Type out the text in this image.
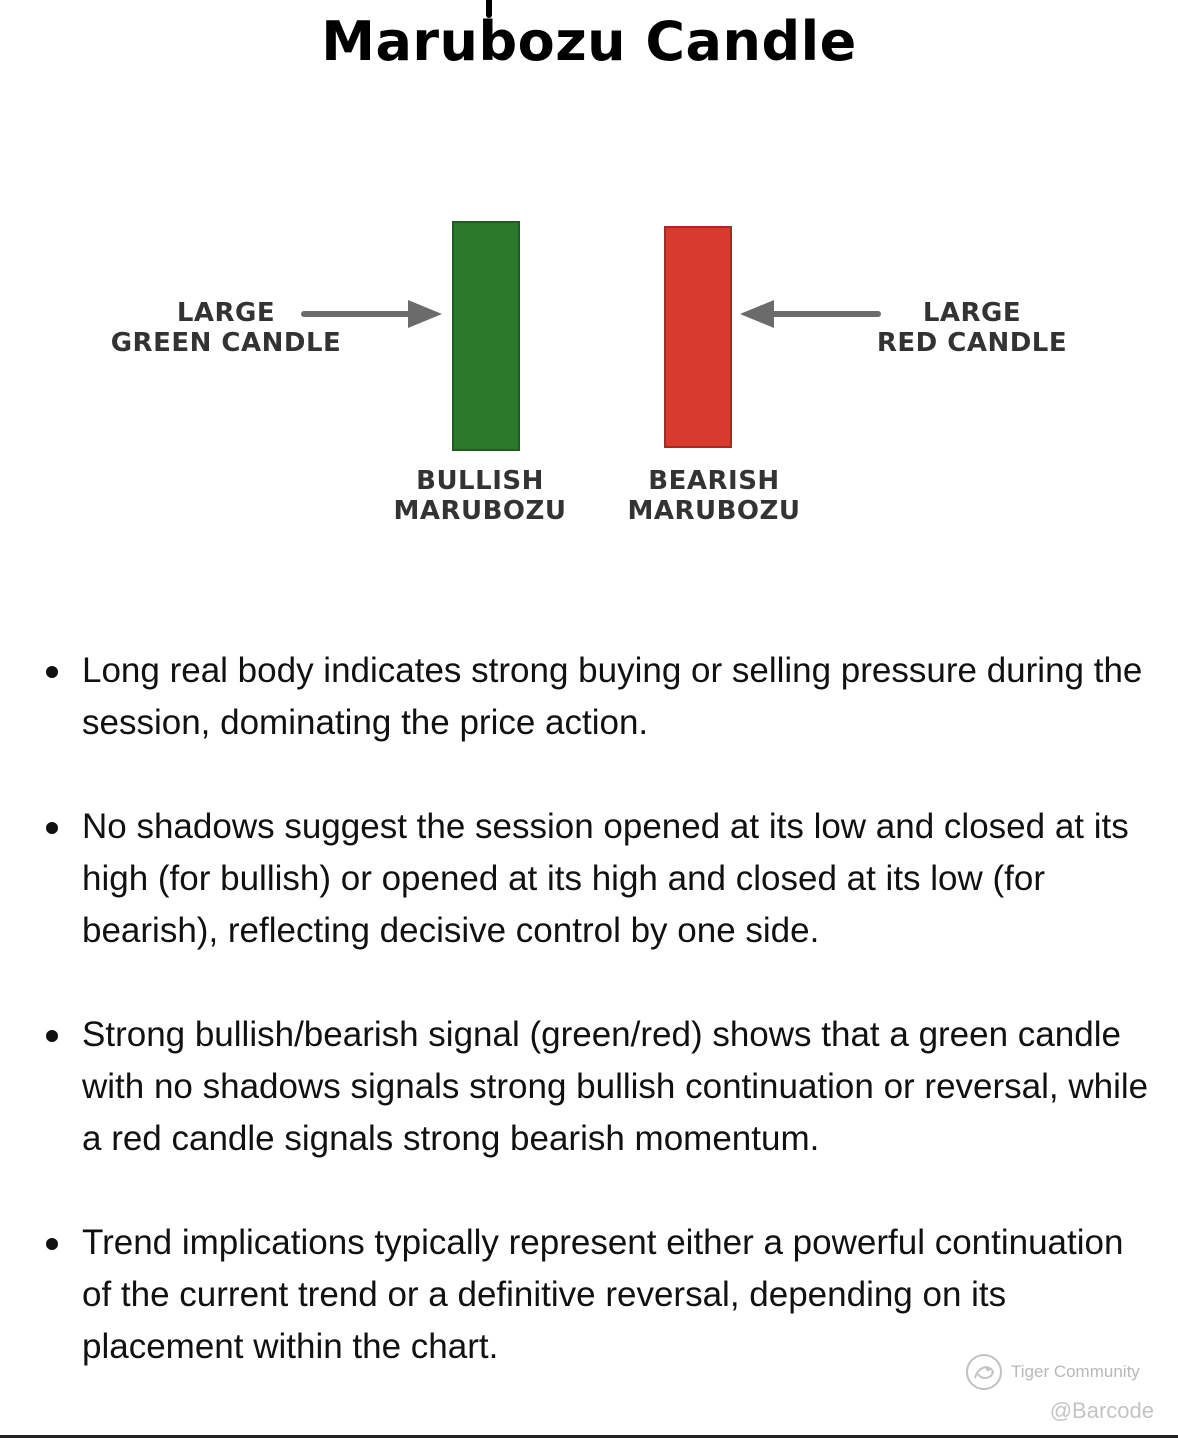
Marubozu Candle
LARGE
GREEN CANDLE
LARGE
RED CANDLE
BULLISH
MARUBOZU
BEARISH
MARUBOZU
Long real body indicates strong buying or selling pressure during the session, dominating the price action.
No shadows suggest the session opened at its low and closed at its high (for bullish) or opened at its high and closed at its low (for bearish), reflecting decisive control by one side.
Strong bullish/bearish signal (green/red) shows that a green candle with no shadows signals strong bullish continuation or reversal, while a red candle signals strong bearish momentum.
Trend implications typically represent either a powerful continuation of the current trend or a definitive reversal, depending on its placement within the chart.
Tiger Community
@Barcode
